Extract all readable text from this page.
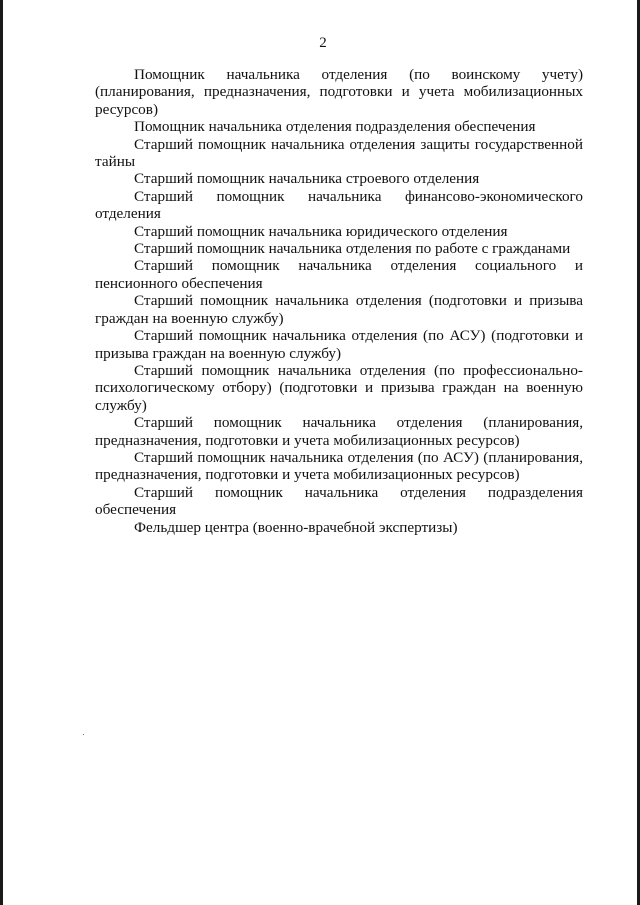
2

Помощник начальника отделения (по воинскому учету) (планирования, предназначения, подготовки и учета мобилизационных ресурсов)

Помощник начальника отделения подразделения обеспечения

Старший помощник начальника отделения защиты государственной тайны

Старший помощник начальника строевого отделения

Старший помощник начальника финансово-экономического отделения

Старший помощник начальника юридического отделения

Старший помощник начальника отделения по работе с гражданами

Старший помощник начальника отделения социального и пенсионного обеспечения

Старший помощник начальника отделения (подготовки и призыва граждан на военную службу)

Старший помощник начальника отделения (по АСУ) (подготовки и призыва граждан на военную службу)

Старший помощник начальника отделения (по профессионально-психологическому отбору) (подготовки и призыва граждан на военную службу)

Старший помощник начальника отделения (планирования, предназначения, подготовки и учета мобилизационных ресурсов)

Старший помощник начальника отделения (по АСУ) (планирования, предназначения, подготовки и учета мобилизационных ресурсов)

Старший помощник начальника отделения подразделения обеспечения

Фельдшер центра (военно-врачебной экспертизы)
